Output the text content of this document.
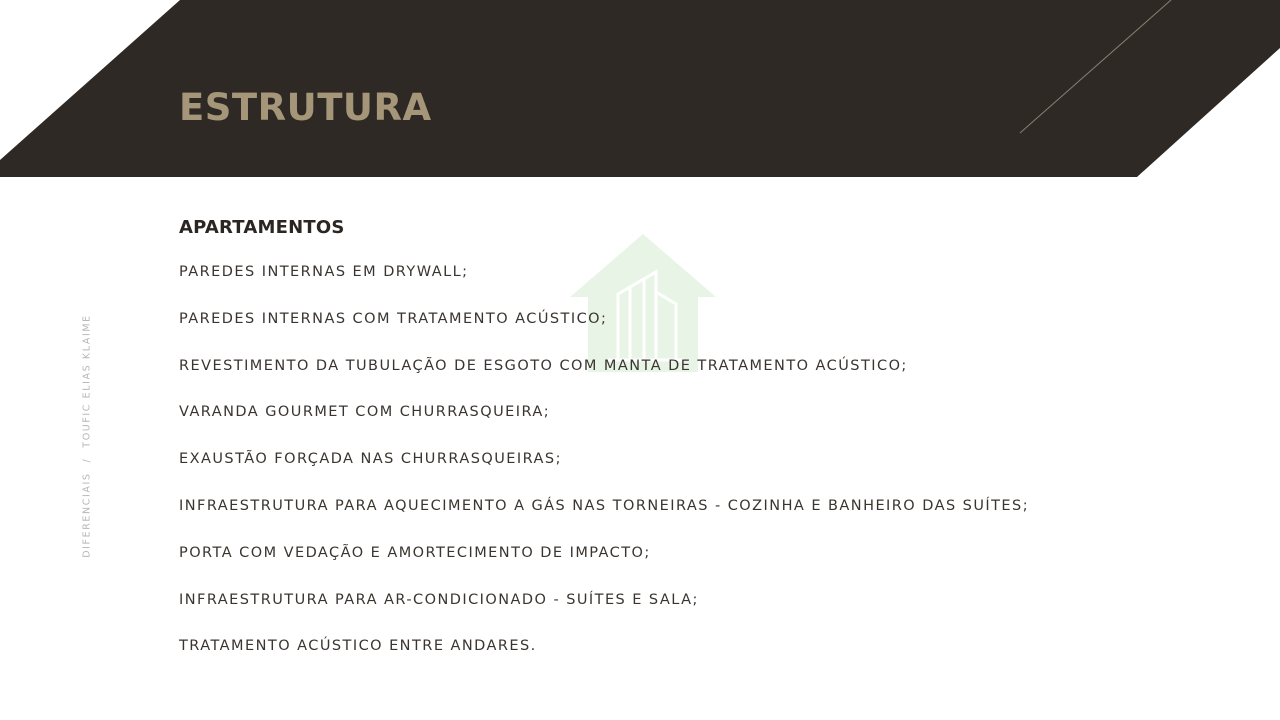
ESTRUTURA
DIFERENCIAIS/TOUFIC ELIAS KLAIME
APARTAMENTOS
PAREDES INTERNAS EM DRYWALL;
PAREDES INTERNAS COM TRATAMENTO ACÚSTICO;
REVESTIMENTO DA TUBULAÇÃO DE ESGOTO COM MANTA DE TRATAMENTO ACÚSTICO;
VARANDA GOURMET COM CHURRASQUEIRA;
EXAUSTÃO FORÇADA NAS CHURRASQUEIRAS;
INFRAESTRUTURA PARA AQUECIMENTO A GÁS NAS TORNEIRAS - COZINHA E BANHEIRO DAS SUÍTES;
PORTA COM VEDAÇÃO E AMORTECIMENTO DE IMPACTO;
INFRAESTRUTURA PARA AR-CONDICIONADO - SUÍTES E SALA;
TRATAMENTO ACÚSTICO ENTRE ANDARES.
